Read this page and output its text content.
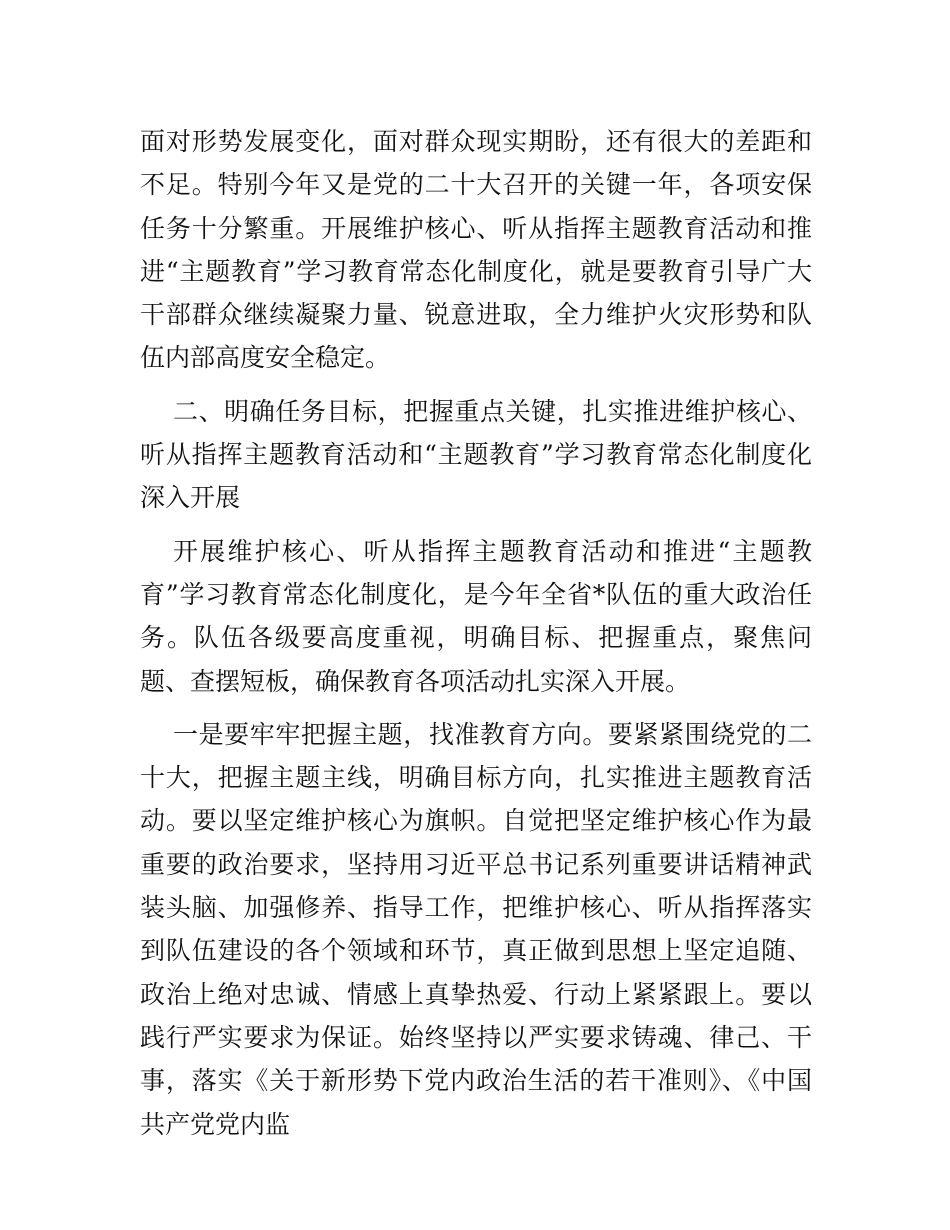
面对形势发展变化，面对群众现实期盼，还有很大的差距和不足。特别今年又是党的二十大召开的关键一年，各项安保任务十分繁重。开展维护核心、听从指挥主题教育活动和推进“主题教育”学习教育常态化制度化，就是要教育引导广大干部群众继续凝聚力量、锐意进取，全力维护火灾形势和队伍内部高度安全稳定。

二、明确任务目标，把握重点关键，扎实推进维护核心、听从指挥主题教育活动和“主题教育”学习教育常态化制度化深入开展

开展维护核心、听从指挥主题教育活动和推进“主题教育”学习教育常态化制度化，是今年全省*队伍的重大政治任务。队伍各级要高度重视，明确目标、把握重点，聚焦问题、查摆短板，确保教育各项活动扎实深入开展。

一是要牢牢把握主题，找准教育方向。要紧紧围绕党的二十大，把握主题主线，明确目标方向，扎实推进主题教育活动。要以坚定维护核心为旗帜。自觉把坚定维护核心作为最重要的政治要求，坚持用习近平总书记系列重要讲话精神武装头脑、加强修养、指导工作，把维护核心、听从指挥落实到队伍建设的各个领域和环节，真正做到思想上坚定追随、政治上绝对忠诚、情感上真挚热爱、行动上紧紧跟上。要以践行严实要求为保证。始终坚持以严实要求铸魂、律己、干事，落实《关于新形势下党内政治生活的若干准则》、《中国共产党党内监
